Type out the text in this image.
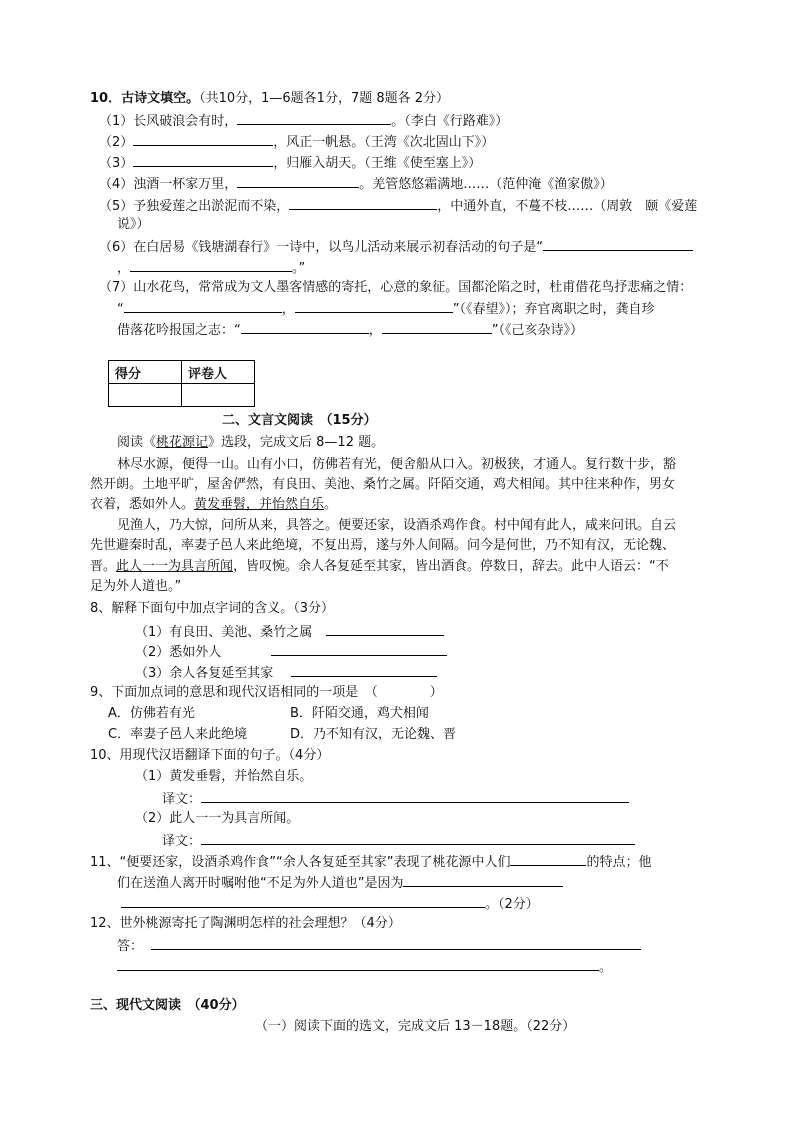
10．古诗文填空。（共10分，1—6题各1分，7题 8题各 2分）
（1）长风破浪会有时，	。（李白《行路难》）
（2）	，风正一帆悬。（王湾《次北固山下》）
（3）	，归雁入胡天。（王维《使至塞上》）
（4）浊酒一杯家万里，	。羌管悠悠霜满地……（范仲淹《渔家傲》）
（5）予独爱莲之出淤泥而不染，	，中通外直，不蔓不枝……（周敦　颐《爱莲
说》）
（6）在白居易《钱塘湖春行》一诗中，以鸟儿活动来展示初春活动的句子是“
，	。”
（7）山水花鸟，常常成为文人墨客情感的寄托，心意的象征。国都沦陷之时，杜甫借花鸟抒悲痛之情：
“	，	”（《春望》）；弃官离职之时，龚自珍
借落花吟报国之志：“	，	”（《己亥杂诗》）
得分	评卷人

二、文言文阅读　（15分）
阅读《桃花源记》选段，完成文后 8—12 题。
林尽水源，便得一山。山有小口，仿佛若有光，便舍船从口入。初极狭，才通人。复行数十步，豁
然开朗。土地平旷，屋舍俨然，有良田、美池、桑竹之属。阡陌交通，鸡犬相闻。其中往来种作，男女
衣着，悉如外人。黄发垂髫，并怡然自乐。
见渔人，乃大惊，问所从来，具答之。便要还家，设酒杀鸡作食。村中闻有此人，咸来问讯。自云
先世避秦时乱，率妻子邑人来此绝境，不复出焉，遂与外人间隔。问今是何世，乃不知有汉，无论魏、
晋。此人一一为具言所闻，皆叹惋。余人各复延至其家，皆出酒食。停数日，辞去。此中人语云：“不
足为外人道也。”
8、解释下面句中加点字词的含义。（3分）
（1）有良田、美池、桑竹之属
（2）悉如外人
（3）余人各复延至其家
9、下面加点词的意思和现代汉语相同的一项是　（　　　　）
A．仿佛若有光	B．阡陌交通，鸡犬相闻
C．率妻子邑人来此绝境	D．乃不知有汉，无论魏、晋
10、用现代汉语翻译下面的句子。（4分）
（1）黄发垂髫，并怡然自乐。
译文：
（2）此人一一为具言所闻。
译文：
11、“便要还家，设酒杀鸡作食”“余人各复延至其家”表现了桃花源中人们	的特点；他
们在送渔人离开时嘱咐他“不足为外人道也”是因为
。（2分）
12、世外桃源寄托了陶渊明怎样的社会理想？（4分）
答：
。
三、现代文阅读　（40分）
（一）阅读下面的选文，完成文后 13－18题。（22分）
